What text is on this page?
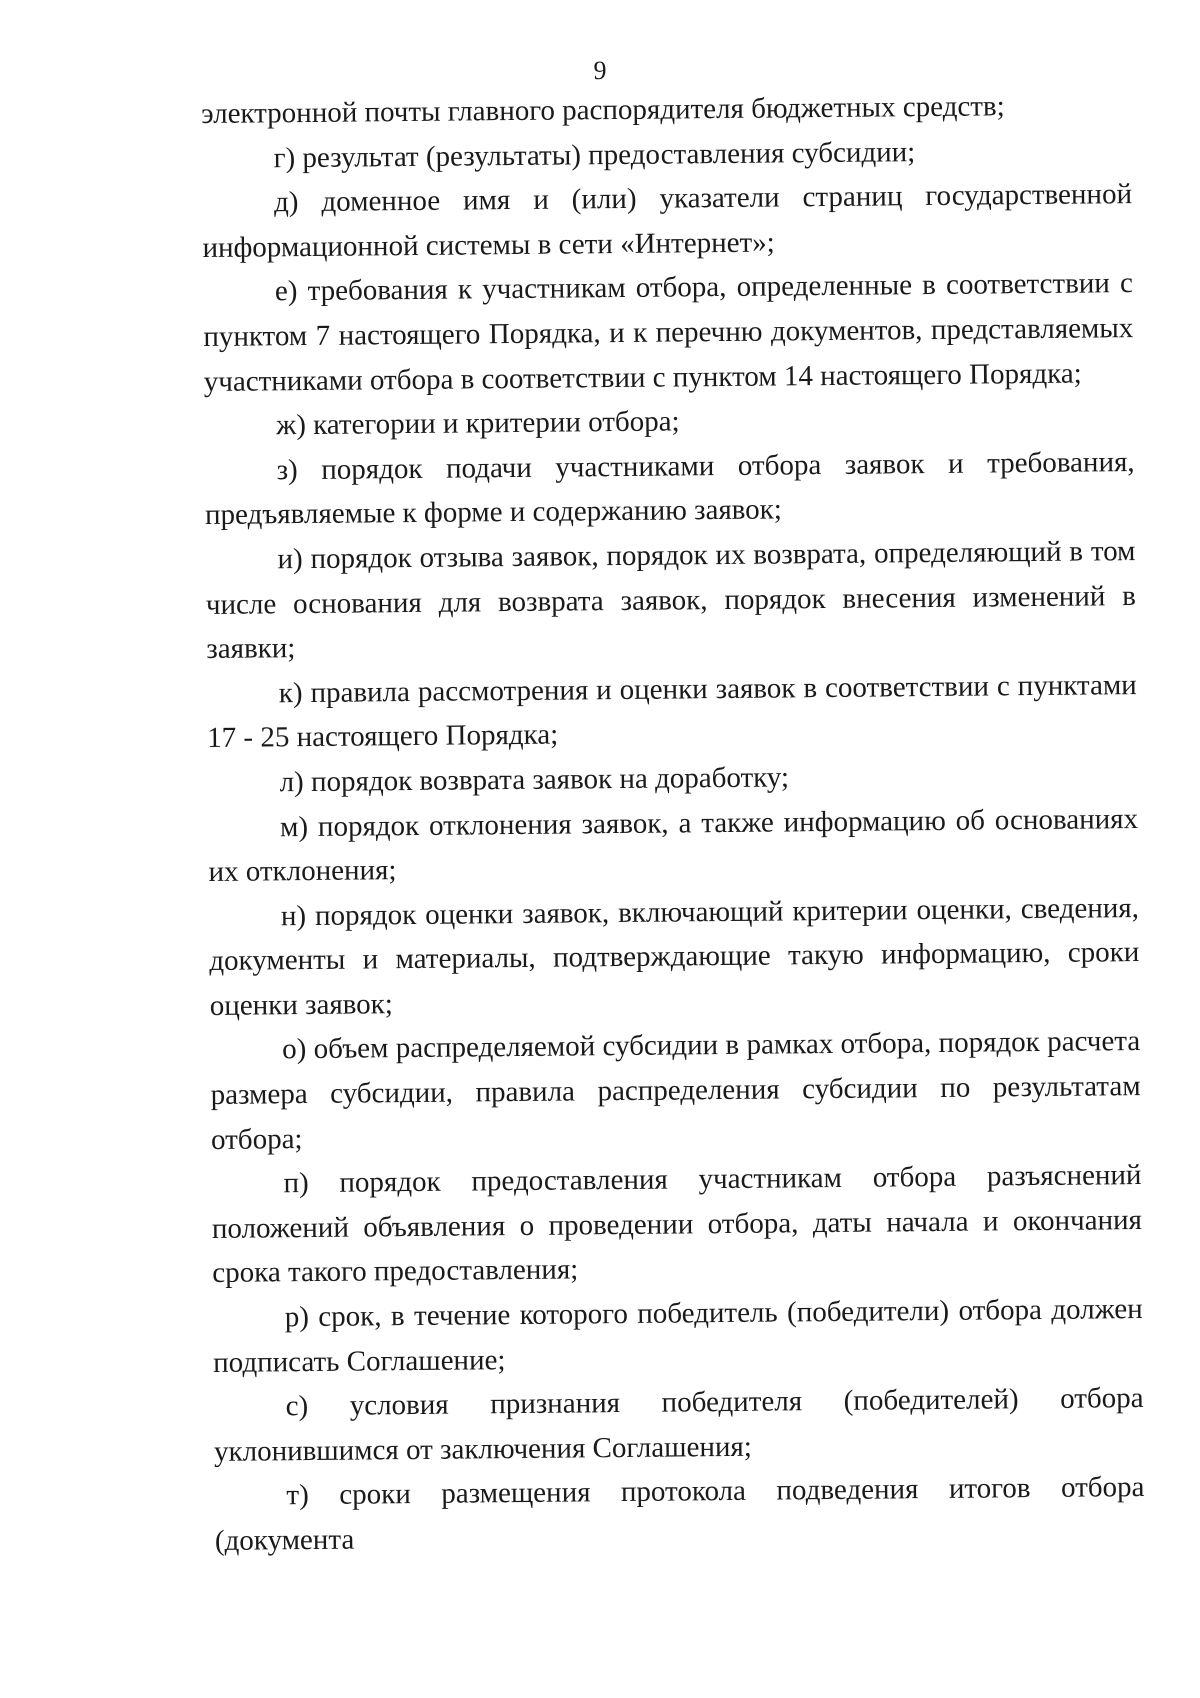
9

электронной почты главного распорядителя бюджетных средств;

г) результат (результаты) предоставления субсидии;

д) доменное имя и (или) указатели страниц государственной информационной системы в сети «Интернет»;

е) требования к участникам отбора, определенные в соответствии с пунктом 7 настоящего Порядка, и к перечню документов, представляемых участниками отбора в соответствии с пунктом 14 настоящего Порядка;

ж) категории и критерии отбора;

з) порядок подачи участниками отбора заявок и требования, предъявляемые к форме и содержанию заявок;

и) порядок отзыва заявок, порядок их возврата, определяющий в том числе основания для возврата заявок, порядок внесения изменений в заявки;

к) правила рассмотрения и оценки заявок в соответствии с пунктами 17 - 25 настоящего Порядка;

л) порядок возврата заявок на доработку;

м) порядок отклонения заявок, а также информацию об основаниях их отклонения;

н) порядок оценки заявок, включающий критерии оценки, сведения, документы и материалы, подтверждающие такую информацию, сроки оценки заявок;

о) объем распределяемой субсидии в рамках отбора, порядок расчета размера субсидии, правила распределения субсидии по результатам отбора;

п) порядок предоставления участникам отбора разъяснений положений объявления о проведении отбора, даты начала и окончания срока такого предоставления;

р) срок, в течение которого победитель (победители) отбора должен подписать Соглашение;

с) условия признания победителя (победителей) отбора уклонившимся от заключения Соглашения;

т) сроки размещения протокола подведения итогов отбора (документа
